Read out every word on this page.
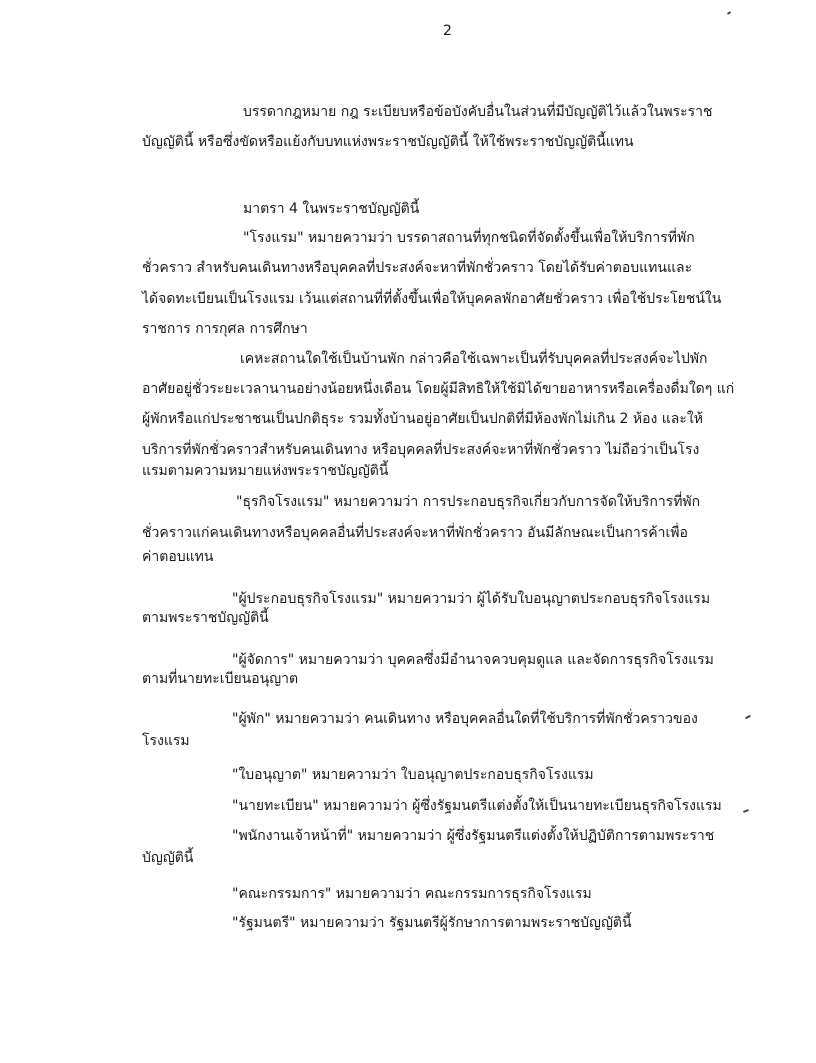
2
บรรดากฎหมาย กฎ ระเบียบหรือข้อบังคับอื่นในส่วนที่มีบัญญัติไว้แล้วในพระราช
บัญญัตินี้ หรือซึ่งขัดหรือแย้งกับบทแห่งพระราชบัญญัตินี้ ให้ใช้พระราชบัญญัตินี้แทน
มาตรา 4 ในพระราชบัญญัตินี้
"โรงแรม" หมายความว่า บรรดาสถานที่ทุกชนิดที่จัดตั้งขึ้นเพื่อให้บริการที่พัก
ชั่วคราว สำหรับคนเดินทางหรือบุคคลที่ประสงค์จะหาที่พักชั่วคราว โดยได้รับค่าตอบแทนและ
ได้จดทะเบียนเป็นโรงแรม เว้นแต่สถานที่ที่ตั้งขึ้นเพื่อให้บุคคลพักอาศัยชั่วคราว เพื่อใช้ประโยชน์ใน
ราชการ การกุศล การศึกษา
เคหะสถานใดใช้เป็นบ้านพัก กล่าวคือใช้เฉพาะเป็นที่รับบุคคลที่ประสงค์จะไปพัก
อาศัยอยู่ชั่วระยะเวลานานอย่างน้อยหนึ่งเดือน โดยผู้มีสิทธิให้ใช้มิได้ขายอาหารหรือเครื่องดื่มใดๆ แก่
ผู้พักหรือแก่ประชาชนเป็นปกติธุระ รวมทั้งบ้านอยู่อาศัยเป็นปกติที่มีห้องพักไม่เกิน 2 ห้อง และให้
บริการที่พักชั่วคราวสำหรับคนเดินทาง หรือบุคคลที่ประสงค์จะหาที่พักชั่วคราว ไม่ถือว่าเป็นโรง
แรมตามความหมายแห่งพระราชบัญญัตินี้
"ธุรกิจโรงแรม" หมายความว่า การประกอบธุรกิจเกี่ยวกับการจัดให้บริการที่พัก
ชั่วคราวแก่คนเดินทางหรือบุคคลอื่นที่ประสงค์จะหาที่พักชั่วคราว อันมีลักษณะเป็นการค้าเพื่อ
ค่าตอบแทน
"ผู้ประกอบธุรกิจโรงแรม" หมายความว่า ผู้ได้รับใบอนุญาตประกอบธุรกิจโรงแรม
ตามพระราชบัญญัตินี้
"ผู้จัดการ" หมายความว่า บุคคลซึ่งมีอำนาจควบคุมดูแล และจัดการธุรกิจโรงแรม
ตามที่นายทะเบียนอนุญาต
"ผู้พัก" หมายความว่า คนเดินทาง หรือบุคคลอื่นใดที่ใช้บริการที่พักชั่วคราวของ
โรงแรม
"ใบอนุญาต" หมายความว่า ใบอนุญาตประกอบธุรกิจโรงแรม
"นายทะเบียน" หมายความว่า ผู้ซึ่งรัฐมนตรีแต่งตั้งให้เป็นนายทะเบียนธุรกิจโรงแรม
"พนักงานเจ้าหน้าที่" หมายความว่า ผู้ซึ่งรัฐมนตรีแต่งตั้งให้ปฏิบัติการตามพระราช
บัญญัตินี้
"คณะกรรมการ" หมายความว่า คณะกรรมการธุรกิจโรงแรม
"รัฐมนตรี" หมายความว่า รัฐมนตรีผู้รักษาการตามพระราชบัญญัตินี้
